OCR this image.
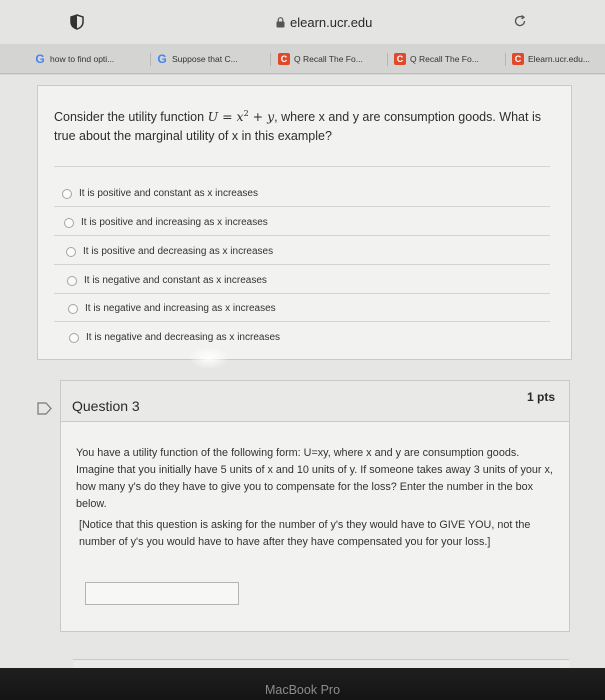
elearn.ucr.edu
G how to find opti...	G Suppose that C...	C Q Recall The Fo...	C Q Recall The Fo...	C Elearn.ucr.edu...
Consider the utility function $U = x^2 + y$, where x and y are consumption goods. What is true about the marginal utility of x in this example?
It is positive and constant as x increases
It is positive and increasing as x increases
It is positive and decreasing as x increases
It is negative and constant as x increases
It is negative and increasing as x increases
It is negative and decreasing as x increases
Question 3
1 pts
You have a utility function of the following form: U=xy, where x and y are consumption goods. Imagine that you initially have 5 units of x and 10 units of y. If someone takes away 3 units of your x, how many y's do they have to give you to compensate for the loss? Enter the number in the box below.
[Notice that this question is asking for the number of y's they would have to GIVE YOU, not the number of y's you would have to have after they have compensated you for your loss.]
MacBook Pro
